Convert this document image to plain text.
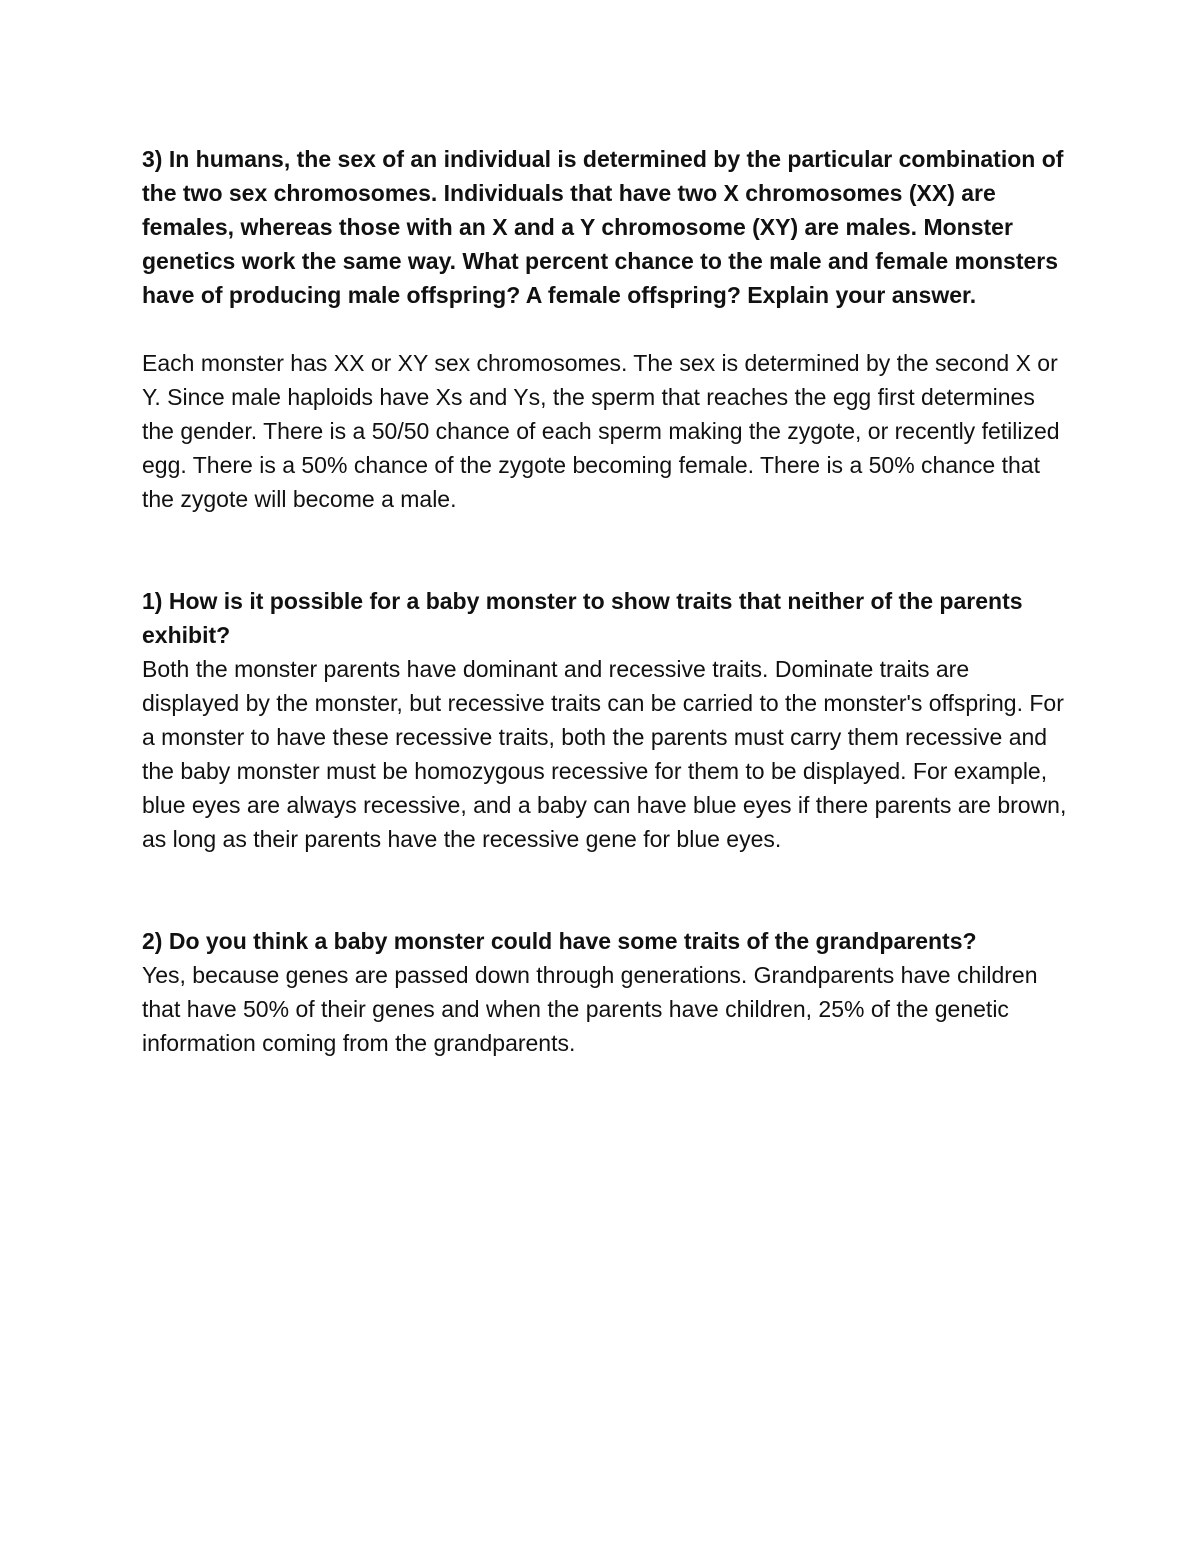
3) In humans, the sex of an individual is determined by the particular combination of the two sex chromosomes. Individuals that have two X chromosomes (XX) are females, whereas those with an X and a Y chromosome (XY) are males. Monster genetics work the same way. What percent chance to the male and female monsters have of producing male offspring? A female offspring? Explain your answer.

Each monster has XX or XY sex chromosomes. The sex is determined by the second X or Y. Since male haploids have Xs and Ys, the sperm that reaches the egg first determines the gender. There is a 50/50 chance of each sperm making the zygote, or recently fetilized egg. There is a 50% chance of the zygote becoming female. There is a 50% chance that the zygote will become a male.

1) How is it possible for a baby monster to show traits that neither of the parents exhibit?

Both the monster parents have dominant and recessive traits. Dominate traits are displayed by the monster, but recessive traits can be carried to the monster's offspring. For a monster to have these recessive traits, both the parents must carry them recessive and the baby monster must be homozygous recessive for them to be displayed. For example, blue eyes are always recessive, and a baby can have blue eyes if there parents are brown, as long as their parents have the recessive gene for blue eyes.

2) Do you think a baby monster could have some traits of the grandparents?

Yes, because genes are passed down through generations. Grandparents have children that have 50% of their genes and when the parents have children, 25% of the genetic information coming from the grandparents.
